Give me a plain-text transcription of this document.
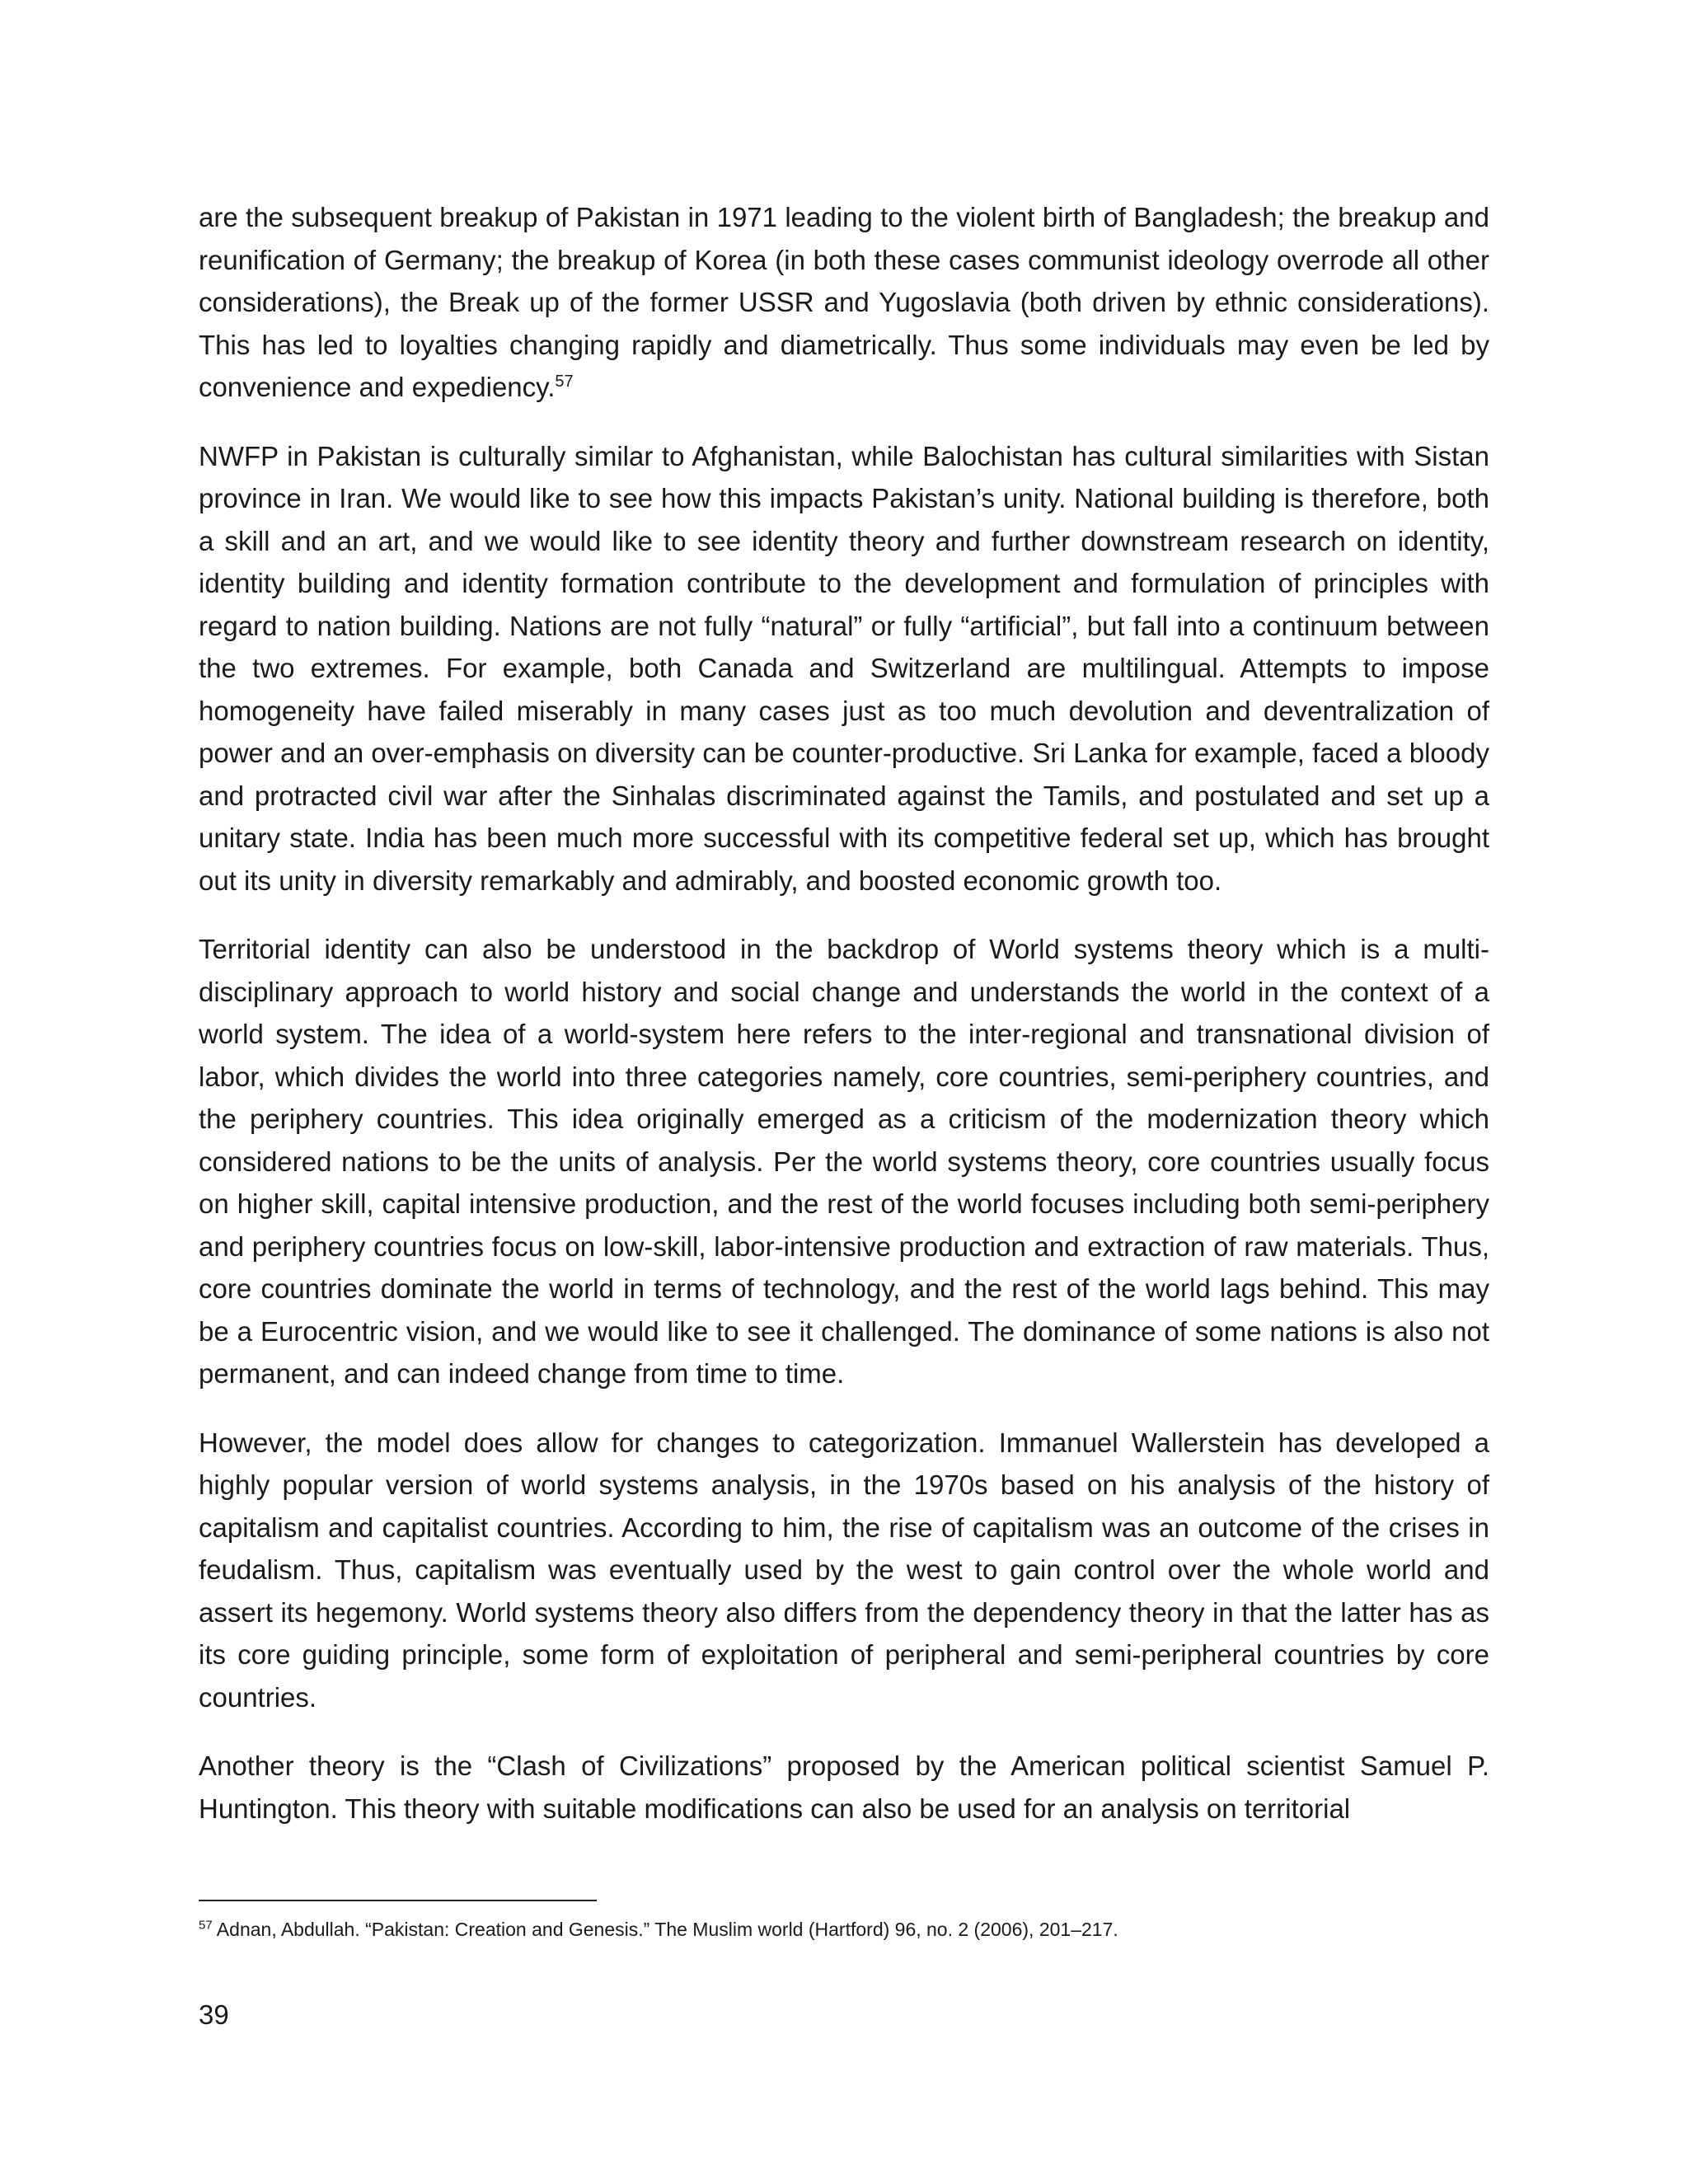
are the subsequent breakup of Pakistan in 1971 leading to the violent birth of Bangladesh; the breakup and reunification of Germany; the breakup of Korea (in both these cases communist ideology overrode all other considerations), the Break up of the former USSR and Yugoslavia (both driven by ethnic considerations). This has led to loyalties changing rapidly and diametrically. Thus some individuals may even be led by convenience and expediency.$^{57}$

NWFP in Pakistan is culturally similar to Afghanistan, while Balochistan has cultural similarities with Sistan province in Iran. We would like to see how this impacts Pakistan’s unity. National building is therefore, both a skill and an art, and we would like to see identity theory and further downstream research on identity, identity building and identity formation contribute to the development and formulation of principles with regard to nation building. Nations are not fully “natural” or fully “artificial”, but fall into a continuum between the two extremes. For example, both Canada and Switzerland are multilingual. Attempts to impose homogeneity have failed miserably in many cases just as too much devolution and deventralization of power and an over-emphasis on diversity can be counter-productive. Sri Lanka for example, faced a bloody and protracted civil war after the Sinhalas discriminated against the Tamils, and postulated and set up a unitary state. India has been much more successful with its competitive federal set up, which has brought out its unity in diversity remarkably and admirably, and boosted economic growth too.

Territorial identity can also be understood in the backdrop of World systems theory which is a multi-disciplinary approach to world history and social change and understands the world in the context of a world system. The idea of a world-system here refers to the inter-regional and transnational division of labor, which divides the world into three categories namely, core countries, semi-periphery countries, and the periphery countries. This idea originally emerged as a criticism of the modernization theory which considered nations to be the units of analysis. Per the world systems theory, core countries usually focus on higher skill, capital intensive production, and the rest of the world focuses including both semi-periphery and periphery countries focus on low-skill, labor-intensive production and extraction of raw materials. Thus, core countries dominate the world in terms of technology, and the rest of the world lags behind. This may be a Eurocentric vision, and we would like to see it challenged. The dominance of some nations is also not permanent, and can indeed change from time to time.

However, the model does allow for changes to categorization. Immanuel Wallerstein has developed a highly popular version of world systems analysis, in the 1970s based on his analysis of the history of capitalism and capitalist countries. According to him, the rise of capitalism was an outcome of the crises in feudalism. Thus, capitalism was eventually used by the west to gain control over the whole world and assert its hegemony. World systems theory also differs from the dependency theory in that the latter has as its core guiding principle, some form of exploitation of peripheral and semi-peripheral countries by core countries.

Another theory is the “Clash of Civilizations” proposed by the American political scientist Samuel P. Huntington. This theory with suitable modifications can also be used for an analysis on territorial

$^{57}$ Adnan, Abdullah. “Pakistan: Creation and Genesis.” The Muslim world (Hartford) 96, no. 2 (2006), 201–217.
39
